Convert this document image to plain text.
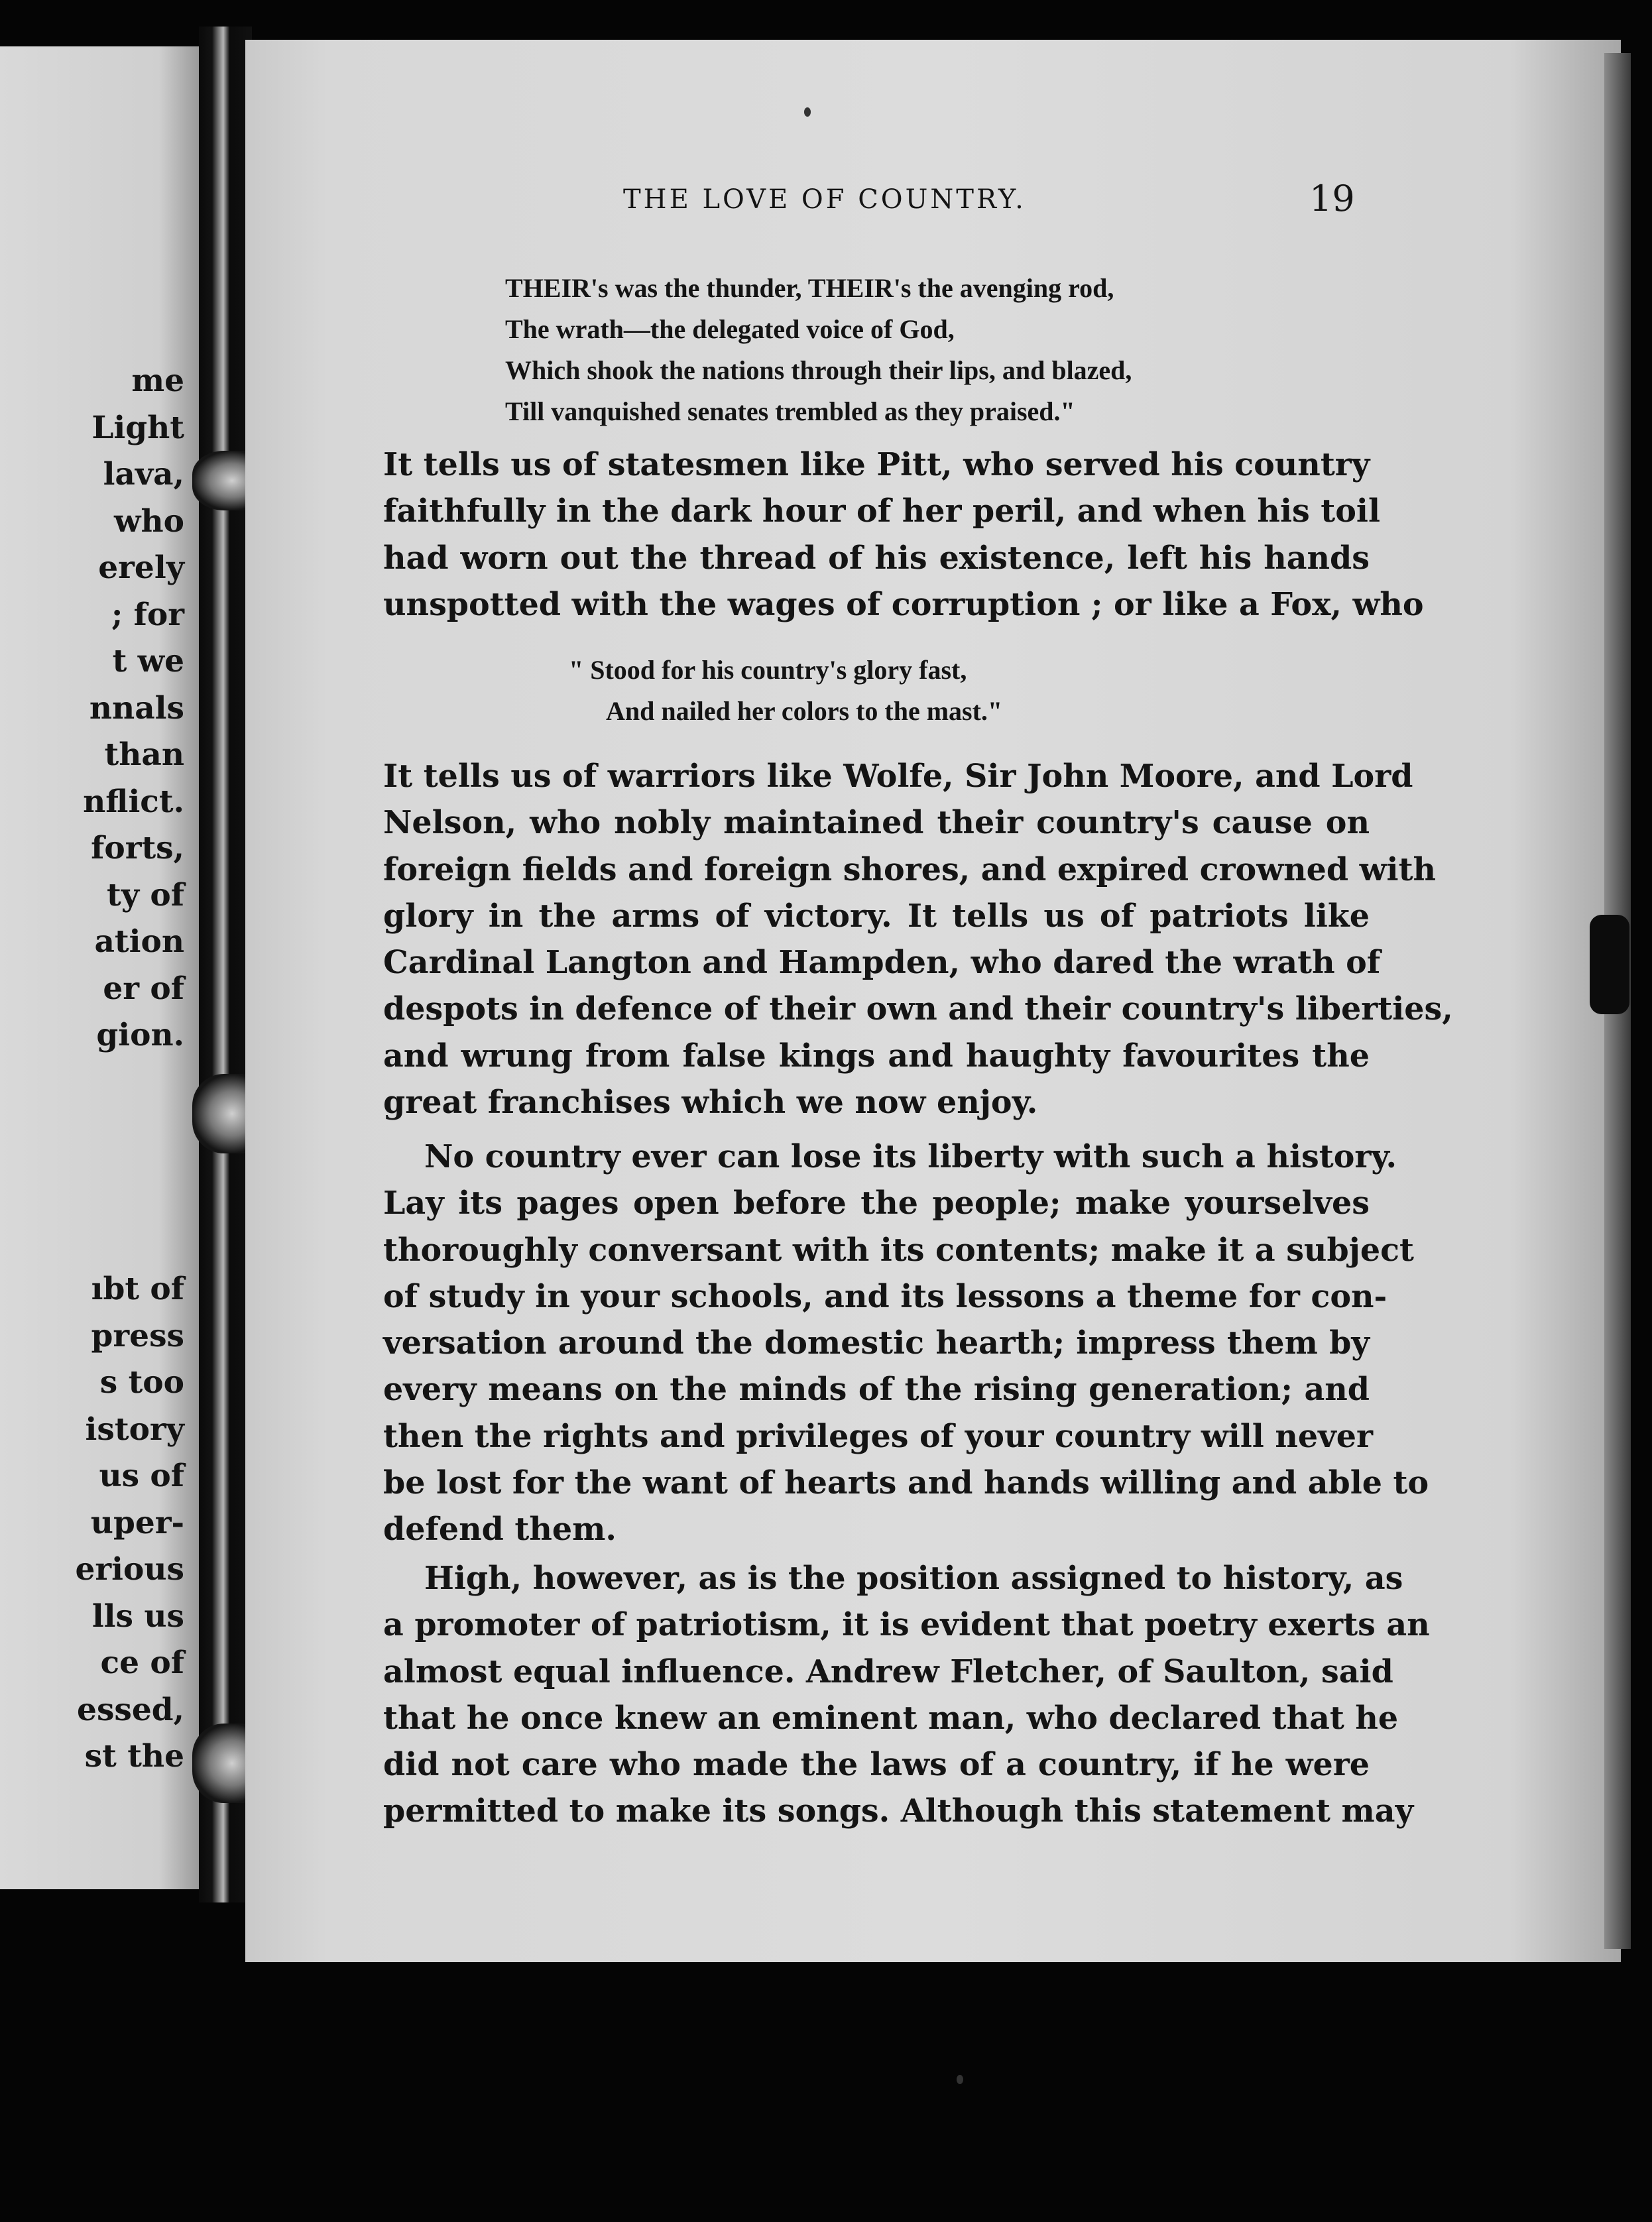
me
Light
lava,
who
erely
; for
t we
nnals
than
nflict.
forts,
ty of
ation
er of
gion.
ıbt of
press
s too
istory
us of
uper-
erious
lls us
ce of
essed,
st the
THE LOVE OF COUNTRY.	19
THEIR's was the thunder, THEIR's the avenging rod,
The wrath—the delegated voice of God,
Which shook the nations through their lips, and blazed,
Till vanquished senates trembled as they praised."
It tells us of statesmen like Pitt, who served his country
faithfully in the dark hour of her peril, and when his toil
had worn out the thread of his existence, left his hands
unspotted with the wages of corruption ; or like a Fox, who
" Stood for his country's glory fast,
And nailed her colors to the mast."
It tells us of warriors like Wolfe, Sir John Moore, and Lord
Nelson, who nobly maintained their country's cause on
foreign fields and foreign shores, and expired crowned with
glory in the arms of victory. It tells us of patriots like
Cardinal Langton and Hampden, who dared the wrath of
despots in defence of their own and their country's liberties,
and wrung from false kings and haughty favourites the
great franchises which we now enjoy.
No country ever can lose its liberty with such a history.
Lay its pages open before the people; make yourselves
thoroughly conversant with its contents; make it a subject
of study in your schools, and its lessons a theme for con-
versation around the domestic hearth; impress them by
every means on the minds of the rising generation; and
then the rights and privileges of your country will never
be lost for the want of hearts and hands willing and able to
defend them.
High, however, as is the position assigned to history, as
a promoter of patriotism, it is evident that poetry exerts an
almost equal influence. Andrew Fletcher, of Saulton, said
that he once knew an eminent man, who declared that he
did not care who made the laws of a country, if he were
permitted to make its songs. Although this statement may
